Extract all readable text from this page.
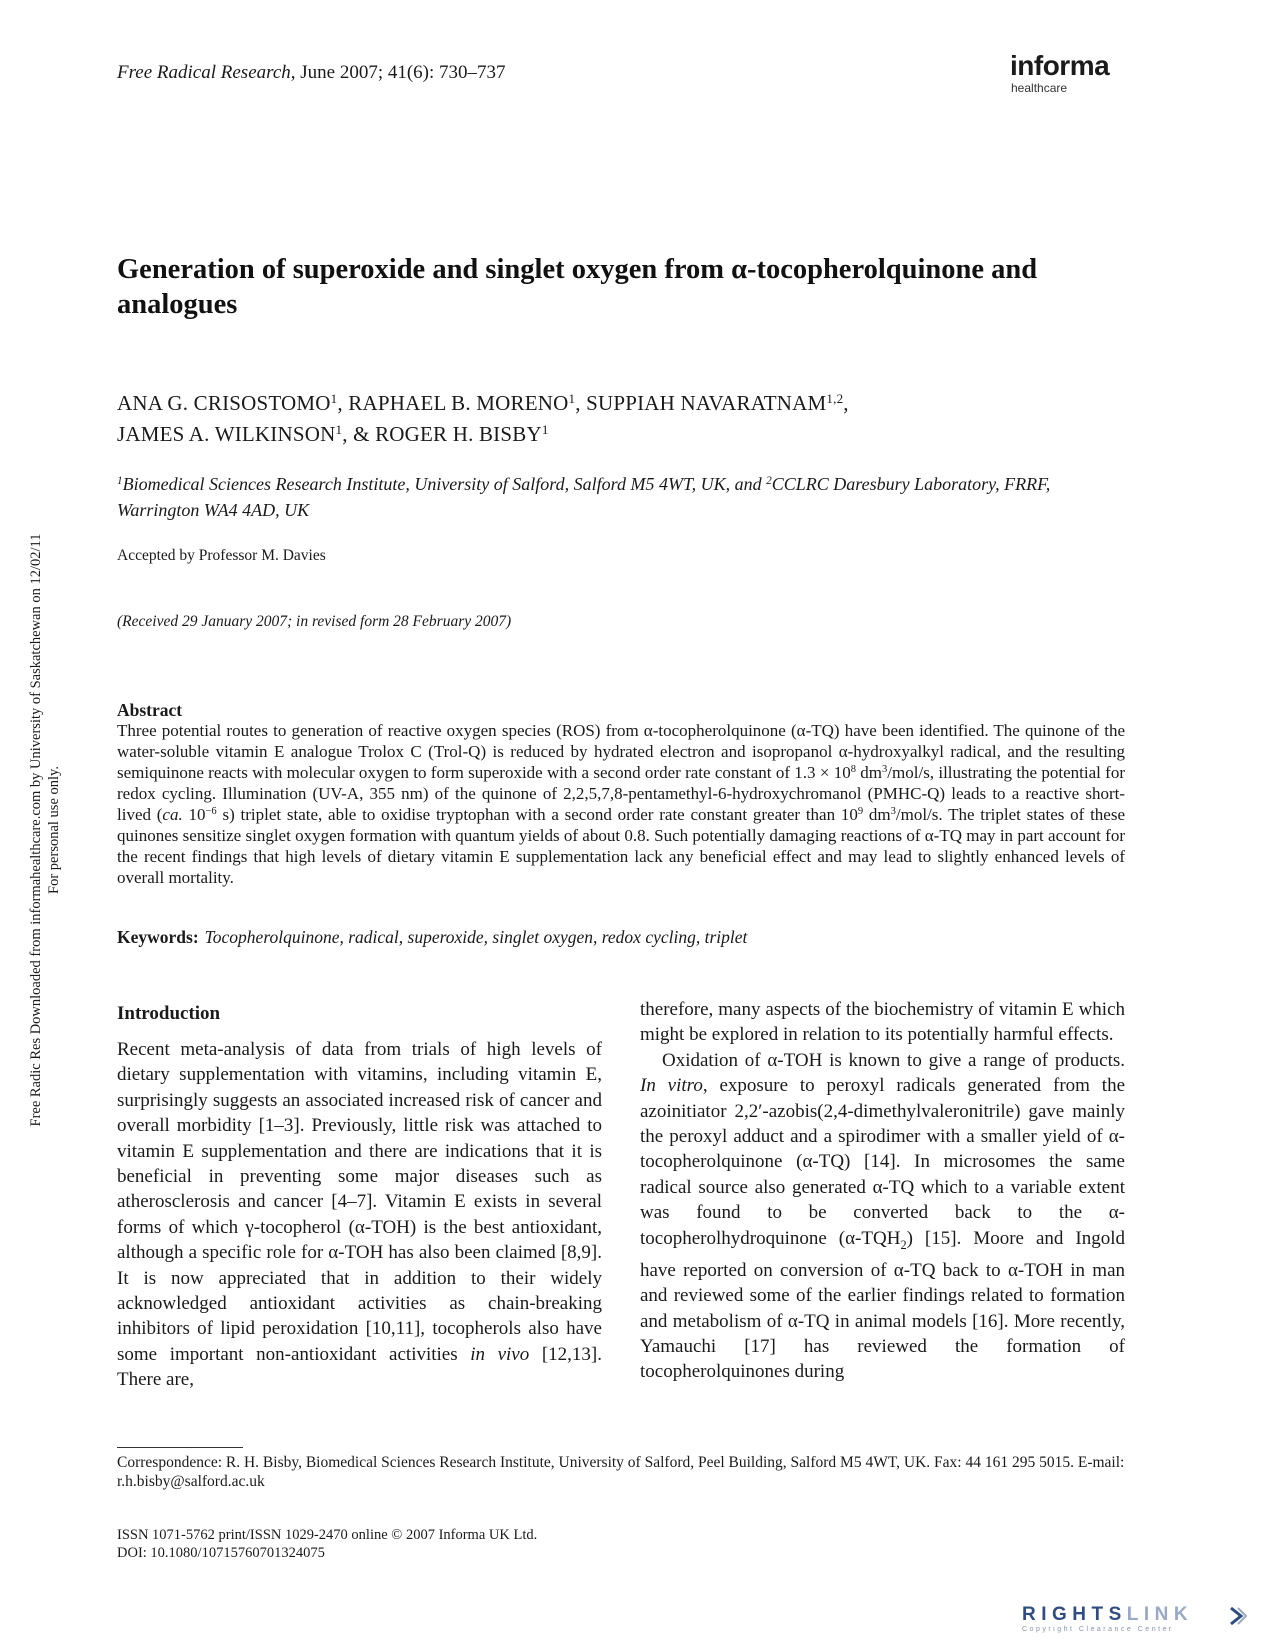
Free Radical Research, June 2007; 41(6): 730–737	informa
healthcare
Generation of superoxide and singlet oxygen from α-tocopherolquinone and analogues
ANA G. CRISOSTOMO$^1$, RAPHAEL B. MORENO$^1$, SUPPIAH NAVARATNAM$^{1,2}$,
JAMES A. WILKINSON$^1$, & ROGER H. BISBY$^1$
$^1$Biomedical Sciences Research Institute, University of Salford, Salford M5 4WT, UK, and $^2$CCLRC Daresbury Laboratory, FRRF, Warrington WA4 4AD, UK
Accepted by Professor M. Davies
(Received 29 January 2007; in revised form 28 February 2007)
Abstract
Three potential routes to generation of reactive oxygen species (ROS) from α-tocopherolquinone (α-TQ) have been identified. The quinone of the water-soluble vitamin E analogue Trolox C (Trol-Q) is reduced by hydrated electron and isopropanol α-hydroxyalkyl radical, and the resulting semiquinone reacts with molecular oxygen to form superoxide with a second order rate constant of $1.3 \times 10^8$ $dm^3/mol/s$, illustrating the potential for redox cycling. Illumination (UV-A, 355 nm) of the quinone of 2,2,5,7,8-pentamethyl-6-hydroxychromanol (PMHC-Q) leads to a reactive short-lived (ca. $10^{-6}$ s) triplet state, able to oxidise tryptophan with a second order rate constant greater than $10^9$ $dm^3/mol/s$. The triplet states of these quinones sensitize singlet oxygen formation with quantum yields of about 0.8. Such potentially damaging reactions of α-TQ may in part account for the recent findings that high levels of dietary vitamin E supplementation lack any beneficial effect and may lead to slightly enhanced levels of overall mortality.
Keywords: Tocopherolquinone, radical, superoxide, singlet oxygen, redox cycling, triplet
Introduction

Recent meta-analysis of data from trials of high levels of dietary supplementation with vitamins, including vitamin E, surprisingly suggests an associated increased risk of cancer and overall morbidity [1–3]. Previously, little risk was attached to vitamin E supplementation and there are indications that it is beneficial in preventing some major diseases such as atherosclerosis and cancer [4–7]. Vitamin E exists in several forms of which γ-tocopherol (α-TOH) is the best antioxidant, although a specific role for α-TOH has also been claimed [8,9]. It is now appreciated that in addition to their widely acknowledged antioxidant activities as chain-breaking inhibitors of lipid peroxidation [10,11], tocopherols also have some important non-antioxidant activities in vivo [12,13]. There are,

therefore, many aspects of the biochemistry of vitamin E which might be explored in relation to its potentially harmful effects.

Oxidation of α-TOH is known to give a range of products. In vitro, exposure to peroxyl radicals generated from the azoinitiator 2,2′-azobis(2,4-dimethylvaleronitrile) gave mainly the peroxyl adduct and a spirodimer with a smaller yield of α-tocopherolquinone (α-TQ) [14]. In microsomes the same radical source also generated α-TQ which to a variable extent was found to be converted back to the α-tocopherolhydroquinone $(\alpha-TQH_2)$ [15]. Moore and Ingold have reported on conversion of α-TQ back to α-TOH in man and reviewed some of the earlier findings related to formation and metabolism of α-TQ in animal models [16]. More recently, Yamauchi [17] has reviewed the formation of tocopherolquinones during

Correspondence: R. H. Bisby, Biomedical Sciences Research Institute, University of Salford, Peel Building, Salford M5 4WT, UK. Fax: 44 161 295 5015. E-mail: r.h.bisby@salford.ac.uk
ISSN 1071-5762 print/ISSN 1029-2470 online © 2007 Informa UK Ltd.
DOI: 10.1080/10715760701324075
Free Radic Res Downloaded from informahealthcare.com by University of Saskatchewan on 12/02/11 For personal use only.
RIGHTSLINK
Copyright Clearance Center
